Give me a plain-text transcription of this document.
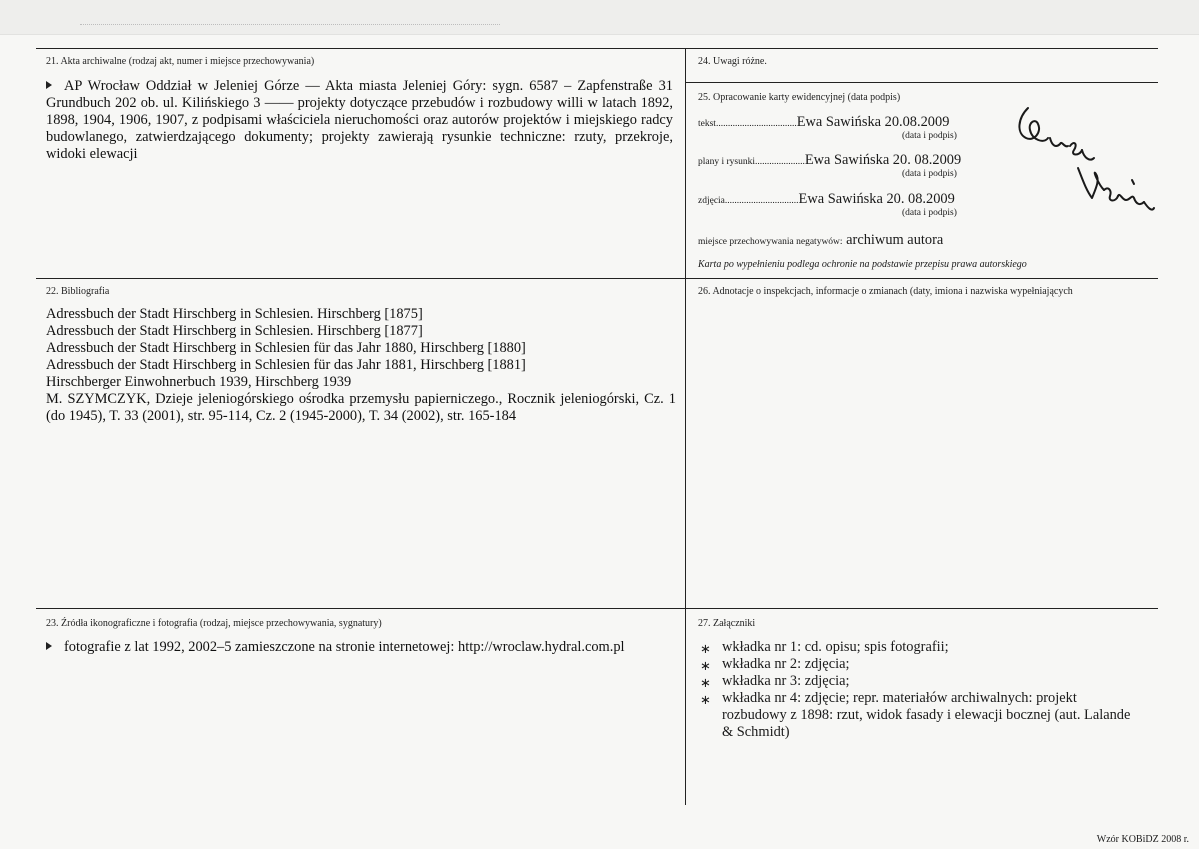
21. Akta archiwalne (rodzaj akt, numer i miejsce przechowywania)
AP Wrocław Oddział w Jeleniej Górze — Akta miasta Jeleniej Góry: sygn. 6587 – Zapfenstraße 31 Grundbuch 202 ob. ul. Kilińskiego 3 —— projekty dotyczące przebudów i rozbudowy willi w latach 1892, 1898, 1904, 1906, 1907, z podpisami właściciela nieruchomości oraz autorów projektów i miejskiego radcy budowlanego, zatwierdzającego dokumenty; projekty zawierają rysunkie techniczne: rzuty, przekroje, widoki elewacji
24. Uwagi różne.
25. Opracowanie karty ewidencyjnej (data podpis)
tekst..................................Ewa Sawińska 20.08.2009
(data i podpis)
plany i rysunki.....................Ewa Sawińska 20. 08.2009
(data i podpis)
zdjęcia...............................Ewa Sawińska 20. 08.2009
(data i podpis)
miejsce przechowywania negatywów: archiwum autora
Karta po wypełnieniu podlega ochronie na podstawie przepisu prawa autorskiego
22. Bibliografia
Adressbuch der Stadt Hirschberg in Schlesien. Hirschberg [1875]
Adressbuch der Stadt Hirschberg in Schlesien. Hirschberg [1877]
Adressbuch der Stadt Hirschberg in Schlesien für das Jahr 1880, Hirschberg [1880]
Adressbuch der Stadt Hirschberg in Schlesien für das Jahr 1881, Hirschberg [1881]
Hirschberger Einwohnerbuch 1939, Hirschberg 1939
M. SZYMCZYK, Dzieje jeleniogórskiego ośrodka przemysłu papierniczego., Rocznik jeleniogórski, Cz. 1 (do 1945), T. 33 (2001), str. 95-114, Cz. 2 (1945-2000), T. 34 (2002), str. 165-184
26. Adnotacje o inspekcjach, informacje o zmianach (daty, imiona i nazwiska wypełniających
23. Źródła ikonograficzne i fotografia (rodzaj, miejsce przechowywania, sygnatury)
fotografie z lat 1992, 2002–5 zamieszczone na stronie internetowej: http://wroclaw.hydral.com.pl
27. Załączniki
∗ wkładka nr 1: cd. opisu; spis fotografii;
∗ wkładka nr 2: zdjęcia;
∗ wkładka nr 3: zdjęcia;
∗ wkładka nr 4: zdjęcie; repr. materiałów archiwalnych: projekt rozbudowy z 1898: rzut, widok fasady i elewacji bocznej (aut. Lalande & Schmidt)
Wzór KOBiDZ 2008 r.
